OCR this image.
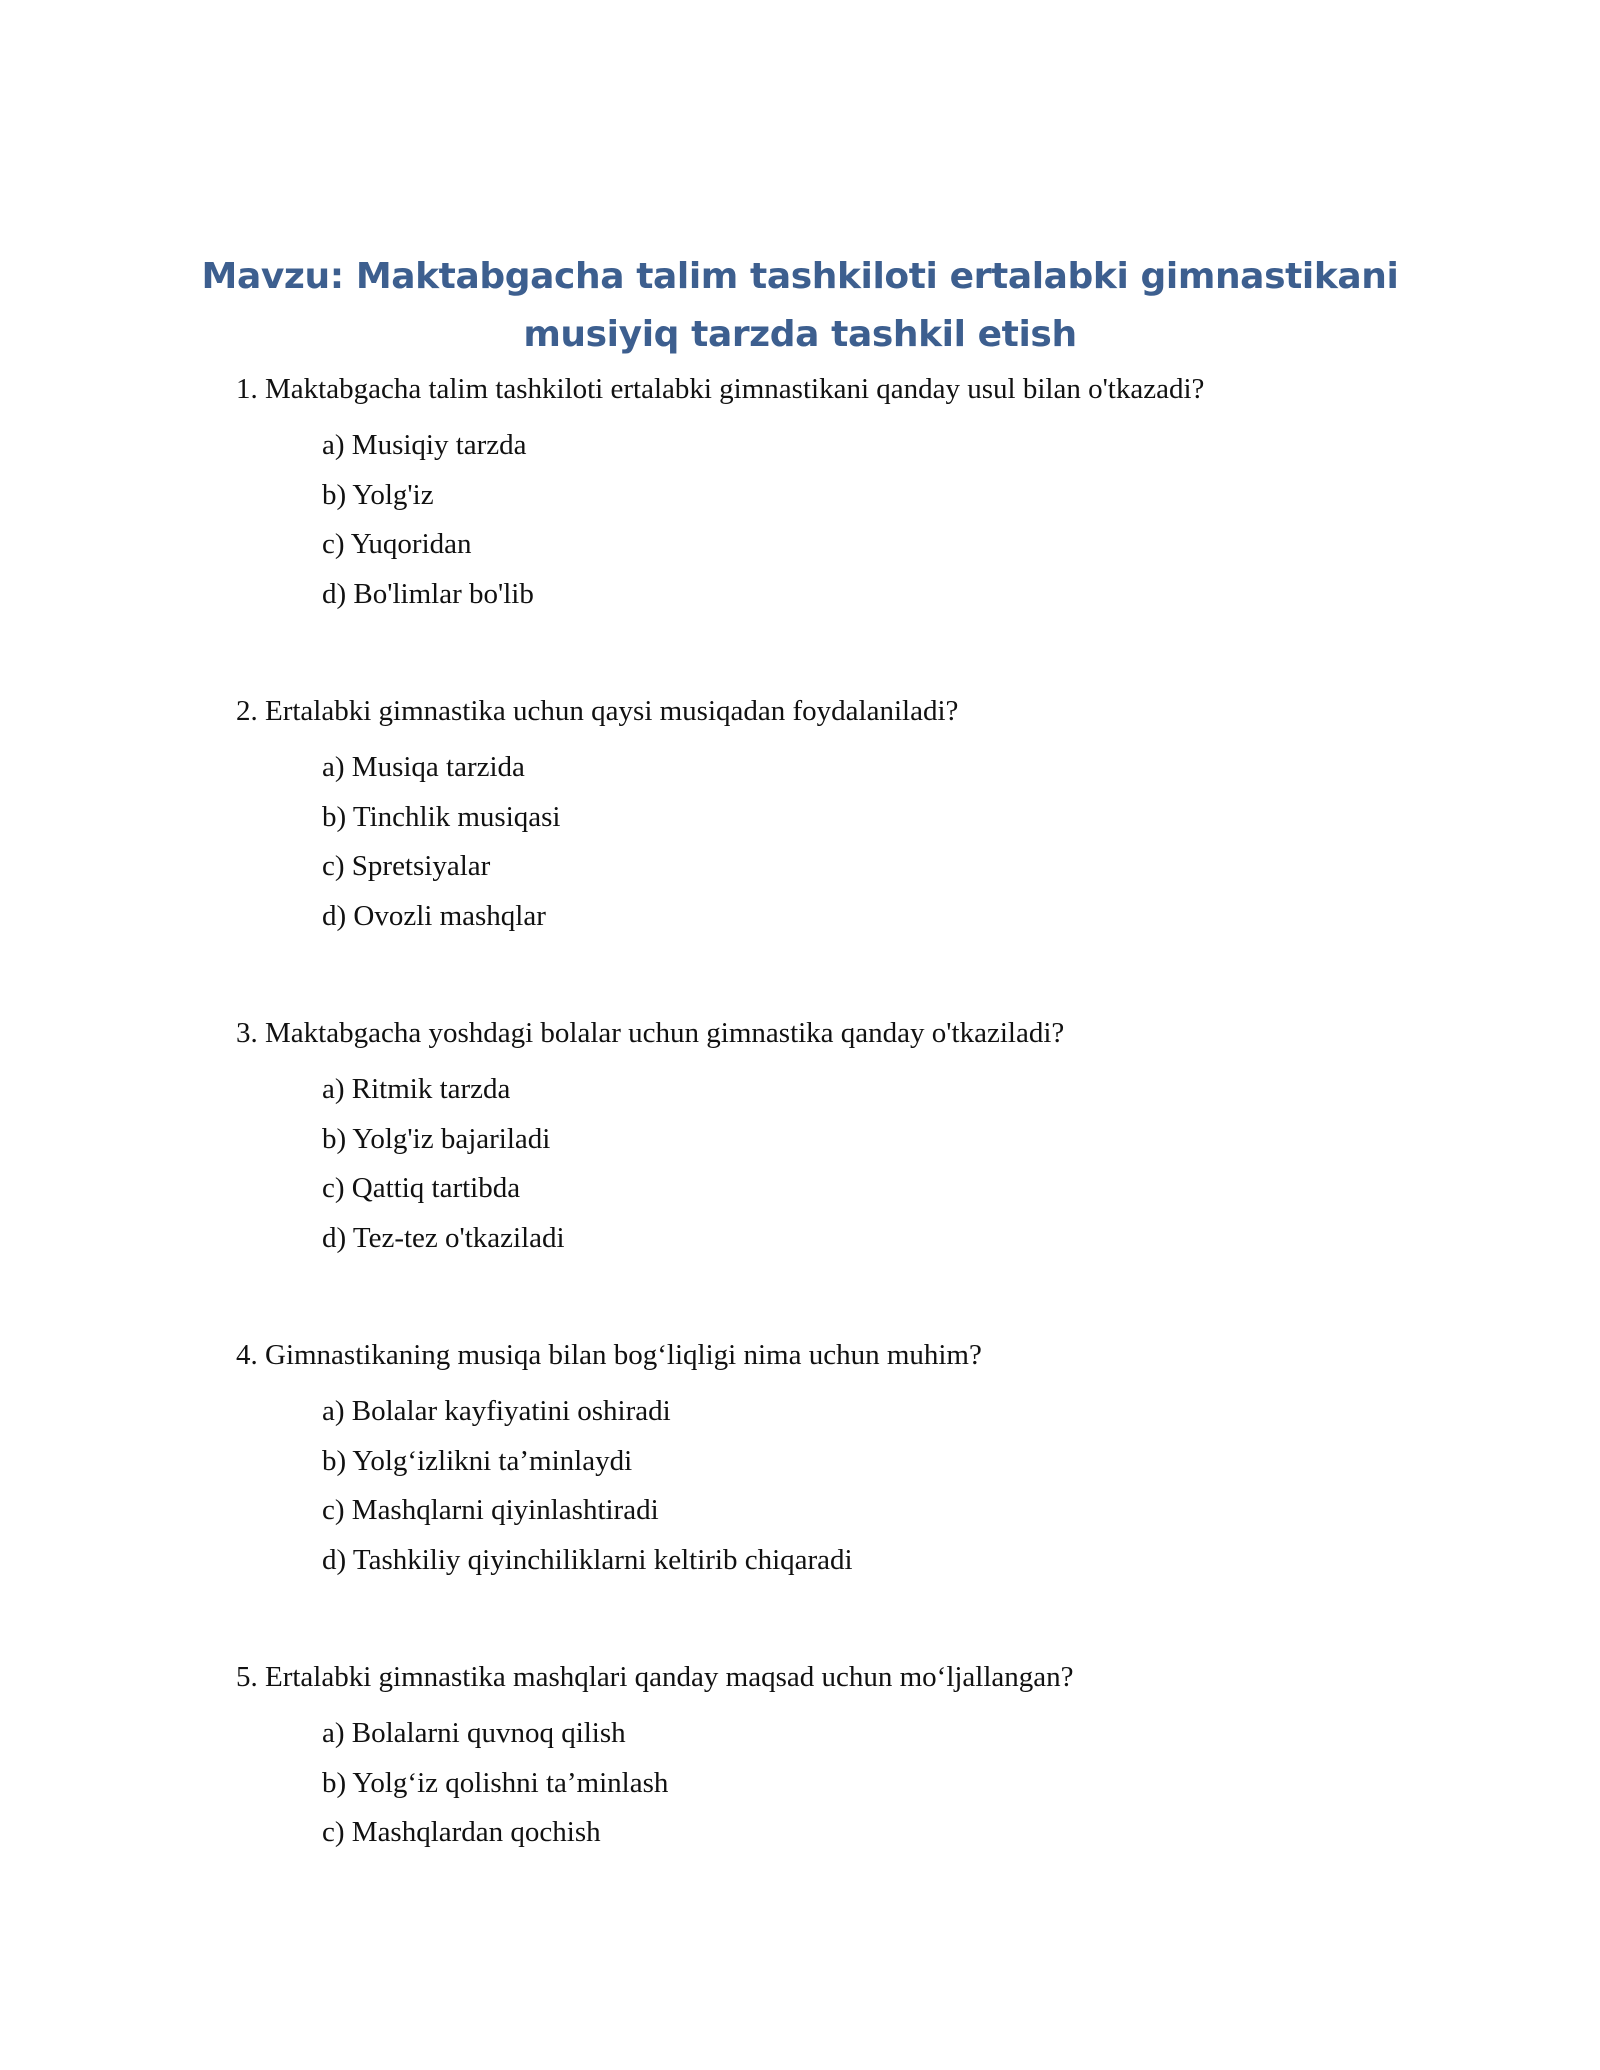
Mavzu: Maktabgacha talim tashkiloti ertalabki gimnastikani
musiyiq tarzda tashkil etish

1. Maktabgacha talim tashkiloti ertalabki gimnastikani qanday usul bilan o'tkazadi?

a) Musiqiy tarzda
b) Yolg'iz
c) Yuqoridan
d) Bo'limlar bo'lib

2. Ertalabki gimnastika uchun qaysi musiqadan foydalaniladi?

a) Musiqa tarzida
b) Tinchlik musiqasi
c) Spretsiyalar
d) Ovozli mashqlar

3. Maktabgacha yoshdagi bolalar uchun gimnastika qanday o'tkaziladi?

a) Ritmik tarzda
b) Yolg'iz bajariladi
c) Qattiq tartibda
d) Tez-tez o'tkaziladi

4. Gimnastikaning musiqa bilan bog‘liqligi nima uchun muhim?

a) Bolalar kayfiyatini oshiradi
b) Yolg‘izlikni ta’minlaydi
c) Mashqlarni qiyinlashtiradi
d) Tashkiliy qiyinchiliklarni keltirib chiqaradi

5. Ertalabki gimnastika mashqlari qanday maqsad uchun mo‘ljallangan?

a) Bolalarni quvnoq qilish
b) Yolg‘iz qolishni ta’minlash
c) Mashqlardan qochish
